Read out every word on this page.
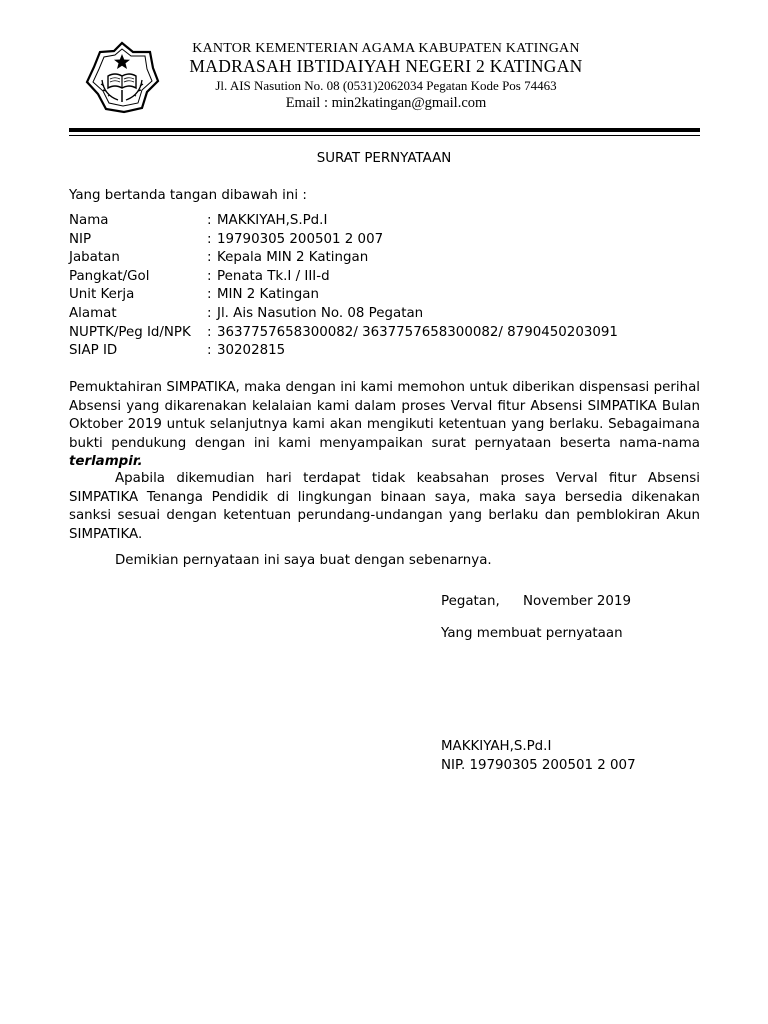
KANTOR KEMENTERIAN AGAMA KABUPATEN KATINGAN
MADRASAH IBTIDAIYAH NEGERI 2 KATINGAN
Jl. AIS Nasution No. 08 (0531)2062034 Pegatan Kode Pos 74463
Email : min2katingan@gmail.com
SURAT PERNYATAAN
Yang bertanda tangan dibawah ini :
Nama	: MAKKIYAH,S.Pd.I
NIP	: 19790305 200501 2 007
Jabatan	: Kepala MIN 2 Katingan
Pangkat/Gol	: Penata Tk.I / III-d
Unit Kerja	: MIN 2 Katingan
Alamat	: Jl. Ais Nasution No. 08 Pegatan
NUPTK/Peg Id/NPK	: 3637757658300082/ 3637757658300082/ 8790450203091
SIAP ID	: 30202815
Pemuktahiran SIMPATIKA, maka dengan ini kami memohon untuk diberikan dispensasi perihal Absensi yang dikarenakan kelalaian kami dalam proses Verval fitur Absensi SIMPATIKA Bulan Oktober 2019 untuk selanjutnya kami akan mengikuti ketentuan yang berlaku. Sebagaimana bukti pendukung dengan ini kami menyampaikan surat pernyataan beserta nama-nama terlampir.
Apabila dikemudian hari terdapat tidak keabsahan proses Verval fitur Absensi SIMPATIKA Tenanga Pendidik di lingkungan binaan saya, maka saya bersedia dikenakan sanksi sesuai dengan ketentuan perundang-undangan yang berlaku dan pemblokiran Akun SIMPATIKA.
Demikian pernyataan ini saya buat dengan sebenarnya.
Pegatan,	November 2019
Yang membuat pernyataan
MAKKIYAH,S.Pd.I
NIP. 19790305 200501 2 007
